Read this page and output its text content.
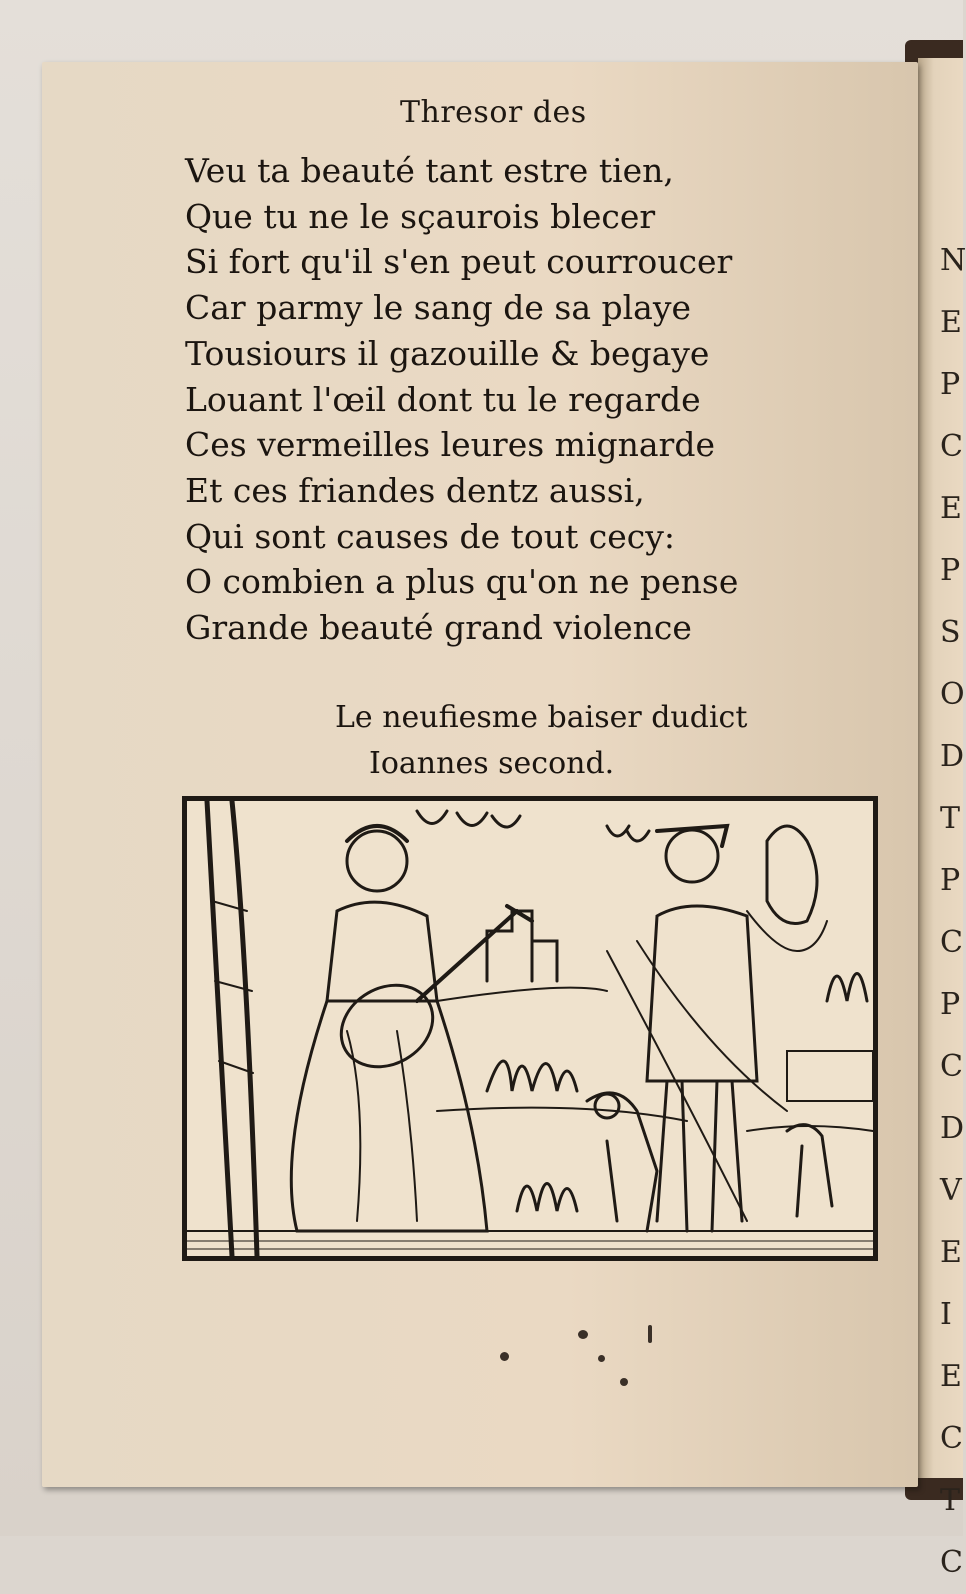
N
E
P
C
E
P
S
O
D
T
P
C
P
C
D
V
E
I
E
C
T
C
Thresor des
Veu ta beauté tant estre tien,
Que tu ne le sçaurois blecer
Si fort qu'il s'en peut courroucer
Car parmy le sang de sa playe
Tousiours il gazouille & begaye
Louant l'œil dont tu le regarde
Ces vermeilles leures mignarde
Et ces friandes dentz aussi,
Qui sont causes de tout cecy:
O combien a plus qu'on ne pense
Grande beauté grand violence
Le neufiesme baiser dudict
Ioannes second.
